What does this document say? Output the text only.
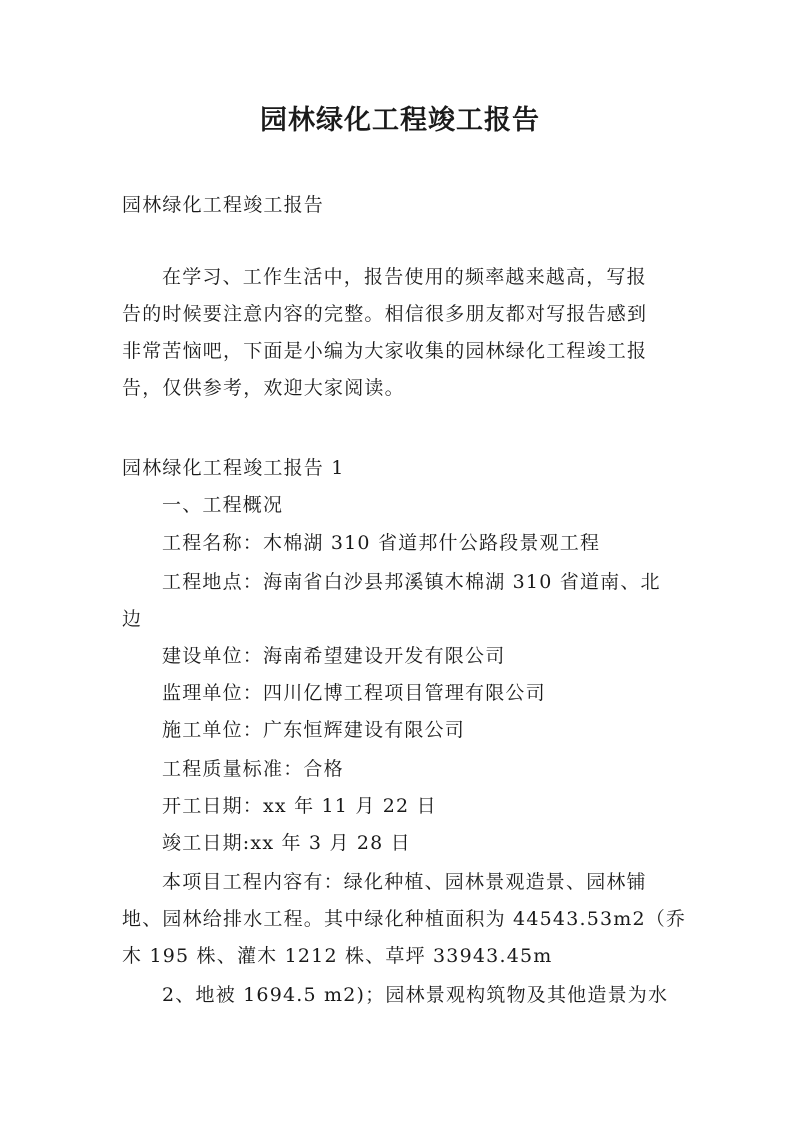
园林绿化工程竣工报告
园林绿化工程竣工报告
在学习、工作生活中，报告使用的频率越来越高，写报
告的时候要注意内容的完整。相信很多朋友都对写报告感到
非常苦恼吧，下面是小编为大家收集的园林绿化工程竣工报
告，仅供参考，欢迎大家阅读。
园林绿化工程竣工报告 1
一、工程概况
工程名称：木棉湖 310 省道邦什公路段景观工程
工程地点：海南省白沙县邦溪镇木棉湖 310 省道南、北
边
建设单位：海南希望建设开发有限公司
监理单位：四川亿博工程项目管理有限公司
施工单位：广东恒辉建设有限公司
工程质量标准：合格
开工日期：xx 年 11 月 22 日
竣工日期:xx 年 3 月 28 日
本项目工程内容有：绿化种植、园林景观造景、园林铺
地、园林给排水工程。其中绿化种植面积为 44543.53m2（乔
木 195 株、灌木 1212 株、草坪 33943.45m
2、地被 1694.5 m2)；园林景观构筑物及其他造景为水
